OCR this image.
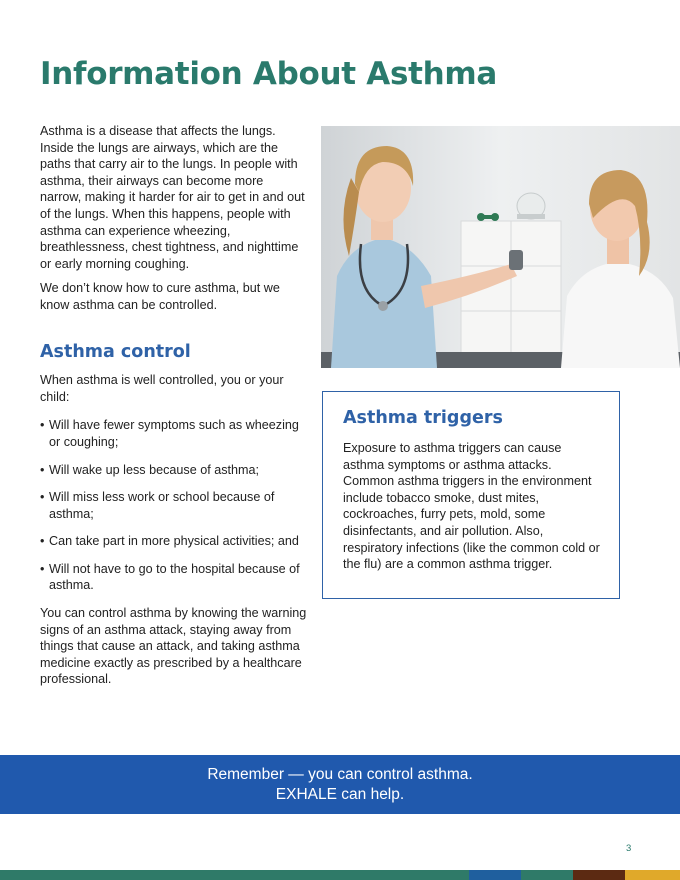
Information About Asthma

Asthma is a disease that affects the lungs. Inside the lungs are airways, which are the paths that carry air to the lungs. In people with asthma, their airways can become more narrow, making it harder for air to get in and out of the lungs. When this happens, people with asthma can experience wheezing, breathlessness, chest tightness, and nighttime or early morning coughing.

We don’t know how to cure asthma, but we know asthma can be controlled.

Asthma control

When asthma is well controlled, you or your child:

• Will have fewer symptoms such as wheezing or coughing;
• Will wake up less because of asthma;
• Will miss less work or school because of asthma;
• Can take part in more physical activities; and
• Will not have to go to the hospital because of asthma.

You can control asthma by knowing the warning signs of an asthma attack, staying away from things that cause an attack, and taking asthma medicine exactly as prescribed by a healthcare professional.

Asthma triggers

Exposure to asthma triggers can cause asthma symptoms or asthma attacks. Common asthma triggers in the environment include tobacco smoke, dust mites, cockroaches, furry pets, mold, some disinfectants, and air pollution. Also, respiratory infections (like the common cold or the flu) are a common asthma trigger.

Remember — you can control asthma.
EXHALE can help.
3
